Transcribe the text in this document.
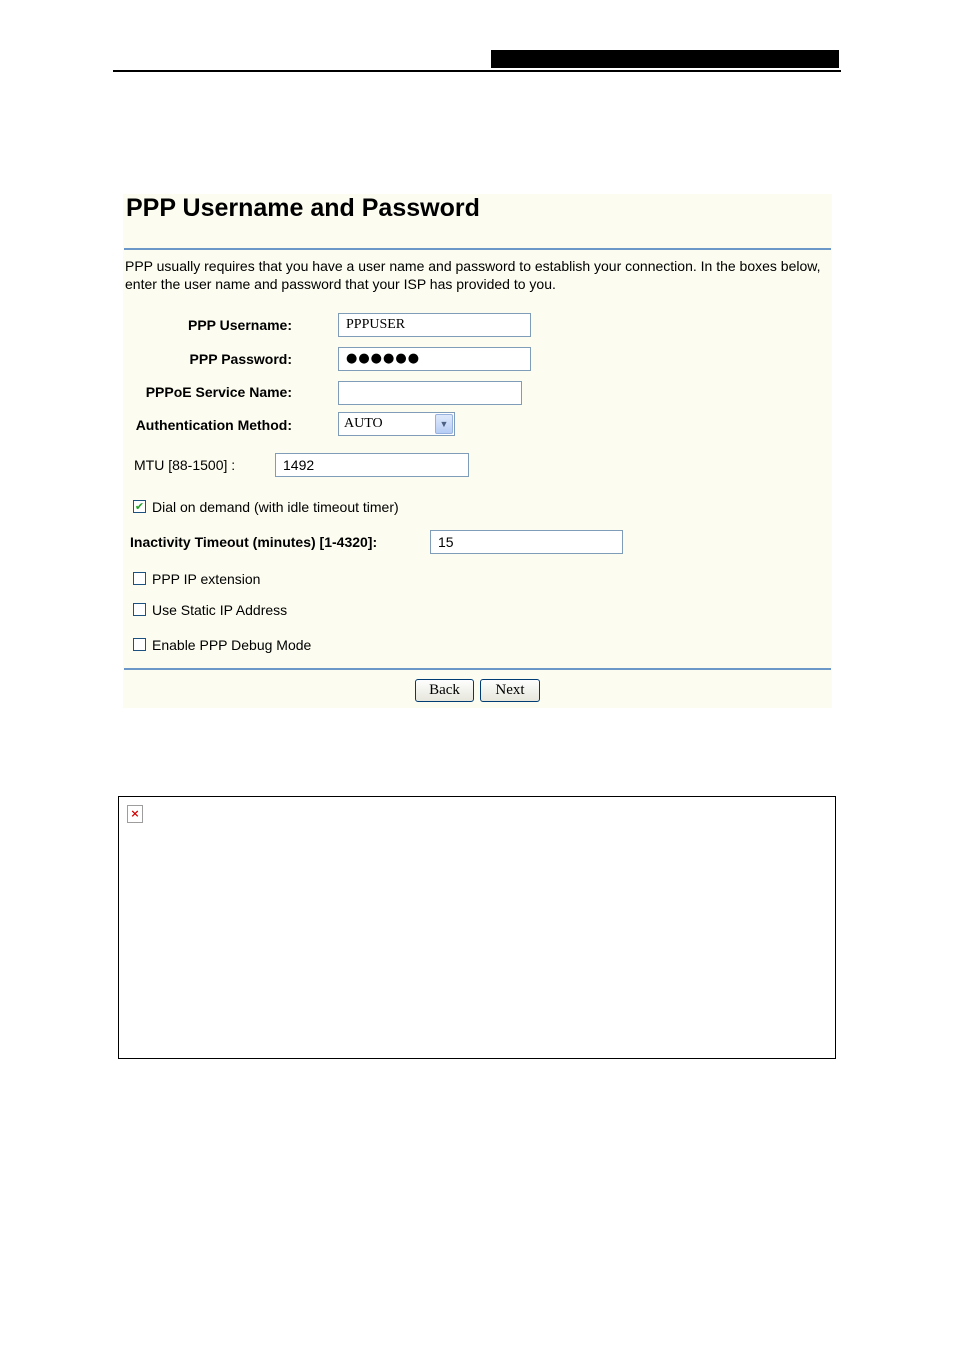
PPP Username and Password
PPP usually requires that you have a user name and password to establish your connection. In the boxes below, enter the user name and password that your ISP has provided to you.
PPP Username:	PPPUSER
PPP Password:	●●●●●●
PPPoE Service Name:
Authentication Method:	AUTO	▼
MTU [88-1500] :	1492
✔ Dial on demand (with idle timeout timer)
Inactivity Timeout (minutes) [1-4320]:	15
PPP IP extension
Use Static IP Address
Enable PPP Debug Mode
Back	Next
×
